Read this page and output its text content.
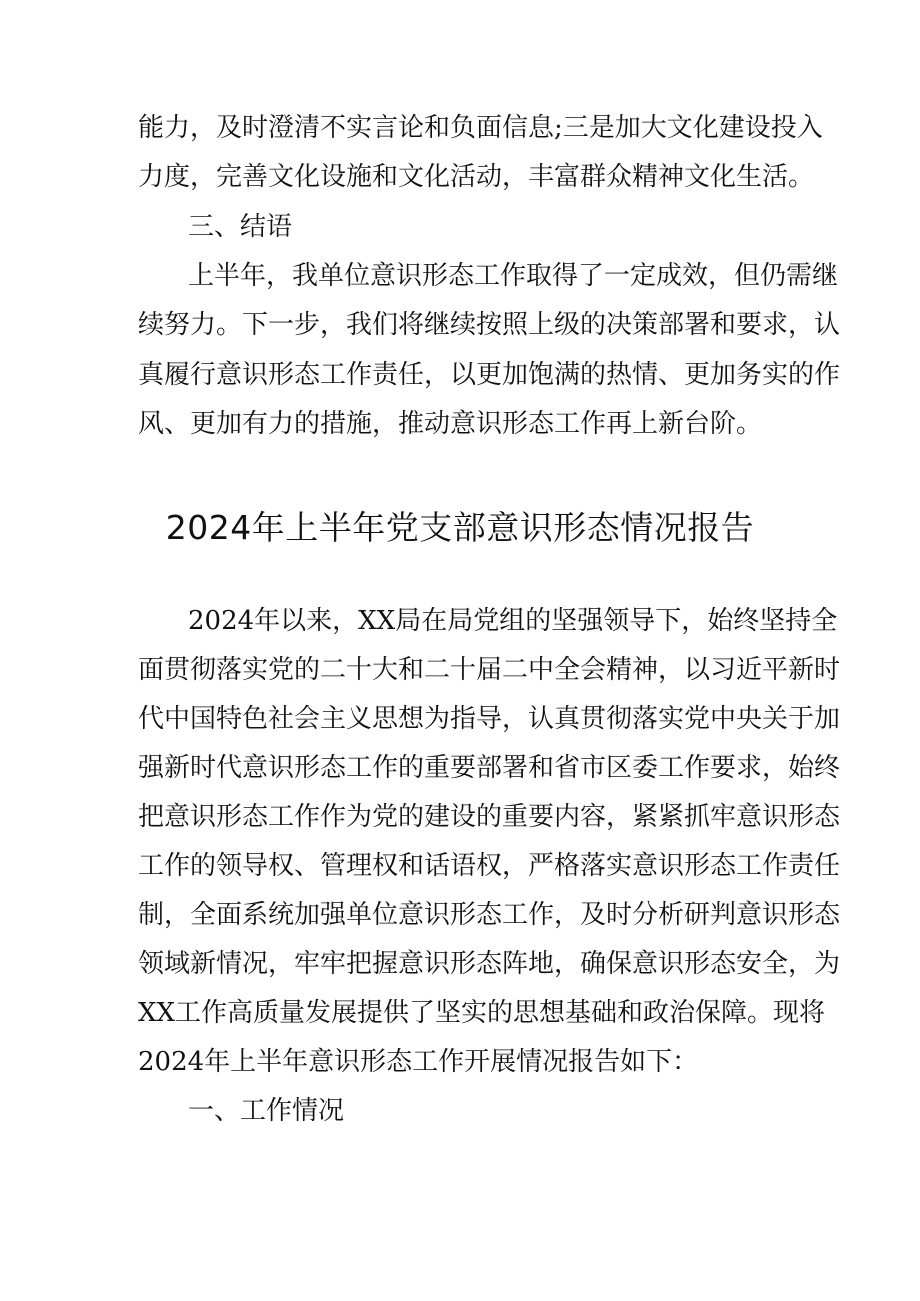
能力，及时澄清不实言论和负面信息;三是加大文化建设投入
力度，完善文化设施和文化活动，丰富群众精神文化生活。
三、结语
上半年，我单位意识形态工作取得了一定成效，但仍需继
续努力。下一步，我们将继续按照上级的决策部署和要求，认
真履行意识形态工作责任，以更加饱满的热情、更加务实的作
风、更加有力的措施，推动意识形态工作再上新台阶。
2024年上半年党支部意识形态情况报告
2024年以来，XX局在局党组的坚强领导下，始终坚持全
面贯彻落实党的二十大和二十届二中全会精神，以习近平新时
代中国特色社会主义思想为指导，认真贯彻落实党中央关于加
强新时代意识形态工作的重要部署和省市区委工作要求，始终
把意识形态工作作为党的建设的重要内容，紧紧抓牢意识形态
工作的领导权、管理权和话语权，严格落实意识形态工作责任
制，全面系统加强单位意识形态工作，及时分析研判意识形态
领域新情况，牢牢把握意识形态阵地，确保意识形态安全，为
XX工作高质量发展提供了坚实的思想基础和政治保障。现将
2024年上半年意识形态工作开展情况报告如下：
一、工作情况
